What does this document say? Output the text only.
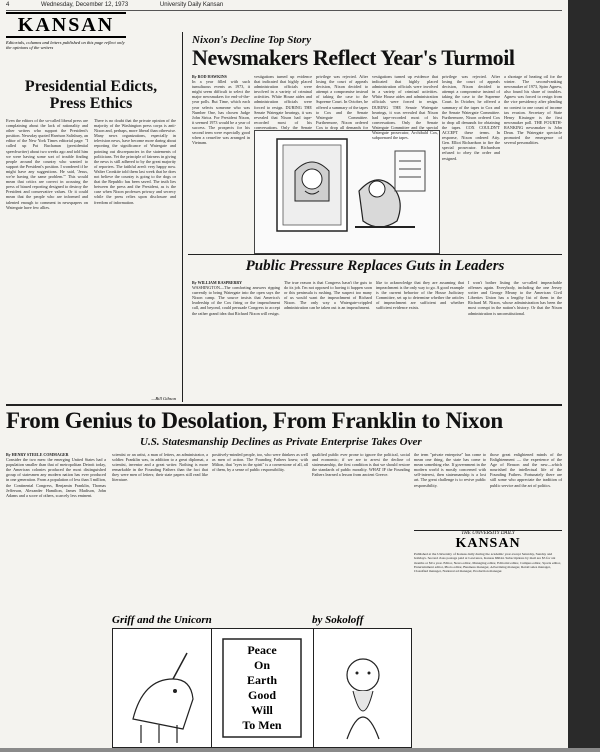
4	Wednesday, December 12, 1973	University Daily Kansan
KANSAN
Editorials, columns and letters published on this page reflect only the opinions of the writers
Presidential Edicts, Press Ethics
Even the editors of the so-called liberal press are complaining about the lack of rationality and other writers who support the President's position. Newsday quoted Harrison Salisbury, an editor of the New York Times editorial page: "I called up Pat Buchanan (presidential speechwriter) about two weeks ago and told him we were having some sort of trouble finding people around the country who wanted to support the President's position. I wondered if he might have any suggestions. He said, 'Jesus, we're having the same problem.'" This would mean that critics are correct in accusing the press of biased reporting designed to destroy the President and conservative values. Or it could mean that the people who are informed and talented enough to comment in newspapers on Watergate have few allies.
There is no doubt that the private opinion of the majority of the Washington press corps is anti-Nixon and, perhaps, more liberal than otherwise. Many news organizations, especially in television news, have become more daring about reporting the significance of Watergate and pointing out discrepancies in the statements of politicians. Yet the principle of fairness in giving the news is still adhered to by the great majority of reporters. The faithful aren't very happy now. Walter Cronkite told them last week that he does not believe the country is going to the dogs or that the Republic has been saved. The truth lies between the press and the President, as is the case when Nixon professes privacy and secrecy while the press relies upon disclosure and freedom of information.
—Bill Gibson
Nixon's Decline Top Story
Newsmakers Reflect Year's Turmoil
By ROD HAWKINS
In a year filled with such tumultuous events as 1973, it might seem difficult to select the major newsmakers for end-of-the-year polls. But Time, which each year selects someone who was Number One, has chosen Judge John Sirica. For President Nixon, it seemed 1973 would be a year of success. The prospects for his second term were especially good when a ceasefire was arranged in Vietnam.
vestigations turned up evidence that indicated that highly placed administration officials were involved in a variety of criminal activities. White House aides and administration officials were forced to resign. DURING THE Senate Watergate hearings, it was revealed that Nixon had tape-recorded most of his conversations. Only the Senate
privilege was rejected. After losing the court of appeals decision, Nixon decided to attempt a compromise instead of taking the case to the Supreme Court. In October, he offered a summary of the tapes to Cox and the Senate Watergate Committee. Furthermore, Nixon ordered Cox to drop all demands for
privilege was rejected. After losing the court of appeals decision, Nixon decided to attempt a compromise instead of taking the case to the Supreme Court. In October, he offered a summary of the tapes to Cox and the Senate Watergate Committee. Furthermore, Nixon ordered Cox to drop all demands for obtaining the tapes. COX COULDN'T ACCEPT these terms. In response, Nixon ordered Atty. Gen. Elliot Richardson to fire the special prosecutor. Richardson refused to obey the order and resigned.
a shortage of heating oil for the winter. The second-ranking newsmaker of 1973, Spiro Agnew, also found his share of troubles. Agnew was forced to resign from the vice presidency after pleading no contest to one count of income tax evasion. Secretary of State Henry Kissinger is the first newsmaker poll. THE FOURTH-RANKING newsmaker is John Dean. The Watergate spectacle promoted the emergence of several personalities.
vestigations turned up evidence that indicated that highly placed administration officials were involved in a variety of criminal activities. White House aides and administration officials were forced to resign. DURING THE Senate Watergate hearings, it was revealed that Nixon had tape-recorded most of his conversations. Only the Senate Watergate Committee and the special Watergate prosecutor, Archibald Cox, subpoenaed the tapes.
Public Pressure Replaces Guts in Leaders
By WILLIAM RASPBERRY
WASHINGTON—The comforting answers ripping currently to bring Watergate into the open says the Nixon camp. The source insists that America's leadership of the Cox firing or the impeachment call, and beyond, could persuade Congress to accept the rather grand idea that Richard Nixon will resign.
The true reason is that Congress hasn't the guts to do its job. I'm not opposed to having it happen soon or this peninsula is rushing. The suspect too many of us would want the impeachment of Richard Nixon. The only way a Watergate-crippled administration can be taken out is an impeachment.
like to acknowledge that they are assuming that impeachment is the only way to go. A good example is the current behavior of the House Judiciary Committee, set up to determine whether the articles of impeachment are sufficient and whether sufficient evidence exists.
I won't bother listing the so-called impeachable offenses again. Everybody, including the one Jersey writer and George Meany to the American Civil Liberties Union has a lengthy list of them in the Richard M. Nixon, whose administration has been the most corrupt in the nation's history. Or that the Nixon administration is unconstitutional.
From Genius to Desolation, From Franklin to Nixon
U.S. Statesmanship Declines as Private Enterprise Takes Over
By HENRY STEELE COMMAGER
Consider the two men: the emerging United States had a population smaller than that of metropolitan Detroit today, the American colonies produced the most distinguished group of statesmen any modern nation has ever produced in one generation. From a population of less than 3 million, the Continental Congress, Benjamin Franklin, Thomas Jefferson, Alexander Hamilton, James Madison, John Adams and a score of others, scarcely less eminent.
scientist or an artist, a man of letters, an administrator, a soldier. Franklin was, in addition to a great diplomat, a scientist, inventor and a great writer. Nothing is more remarkable in the Founding Fathers than the fact that they were men of letters; their state papers still read like literature.
positively-minded people, too, who were thinkers as well as men of action. The Founding Fathers knew, with Milton, that "eyes in the spirit" is a cornerstone of all, all of them, by a sense of public responsibility.
qualified public ever prone to ignore the political, social and economic; if we are to arrest the decline of statesmanship, the first condition is that we should restore the standards of public morality. WHAT IF the Founding Fathers learned a lesson from ancient Greece.
the term "private enterprise" has come to mean one thing, the state has come to mean something else. If government in the modern world is mostly concerned with self-interest, then statesmanship is a lost art. The great challenge is to revive public responsibility.
those great enlightened minds of the Enlightenment — the experience of the Age of Reason and the new—which nourished the intellectual life of the Founding Fathers. Fortunately there are still some who appreciate the tradition of public service and the art of politics.
Griff and the Unicorn	by Sokoloff
Peace
On
Earth
Good
Will
To Men
THE UNIVERSITY DAILY
KANSAN
Published at the University of Kansas daily during the academic year except Saturday, Sunday and holidays. Second class postage paid at Lawrence, Kansas 66044. Subscriptions by mail are $5 for six months or $9 a year. Editor, News editor, Managing editor, Editorial editor, Campus editor, Sports editor, Entertainment editor, Photo editor, Business manager, Advertising manager, Retail sales manager, Classified manager, National ad manager, Production manager.
